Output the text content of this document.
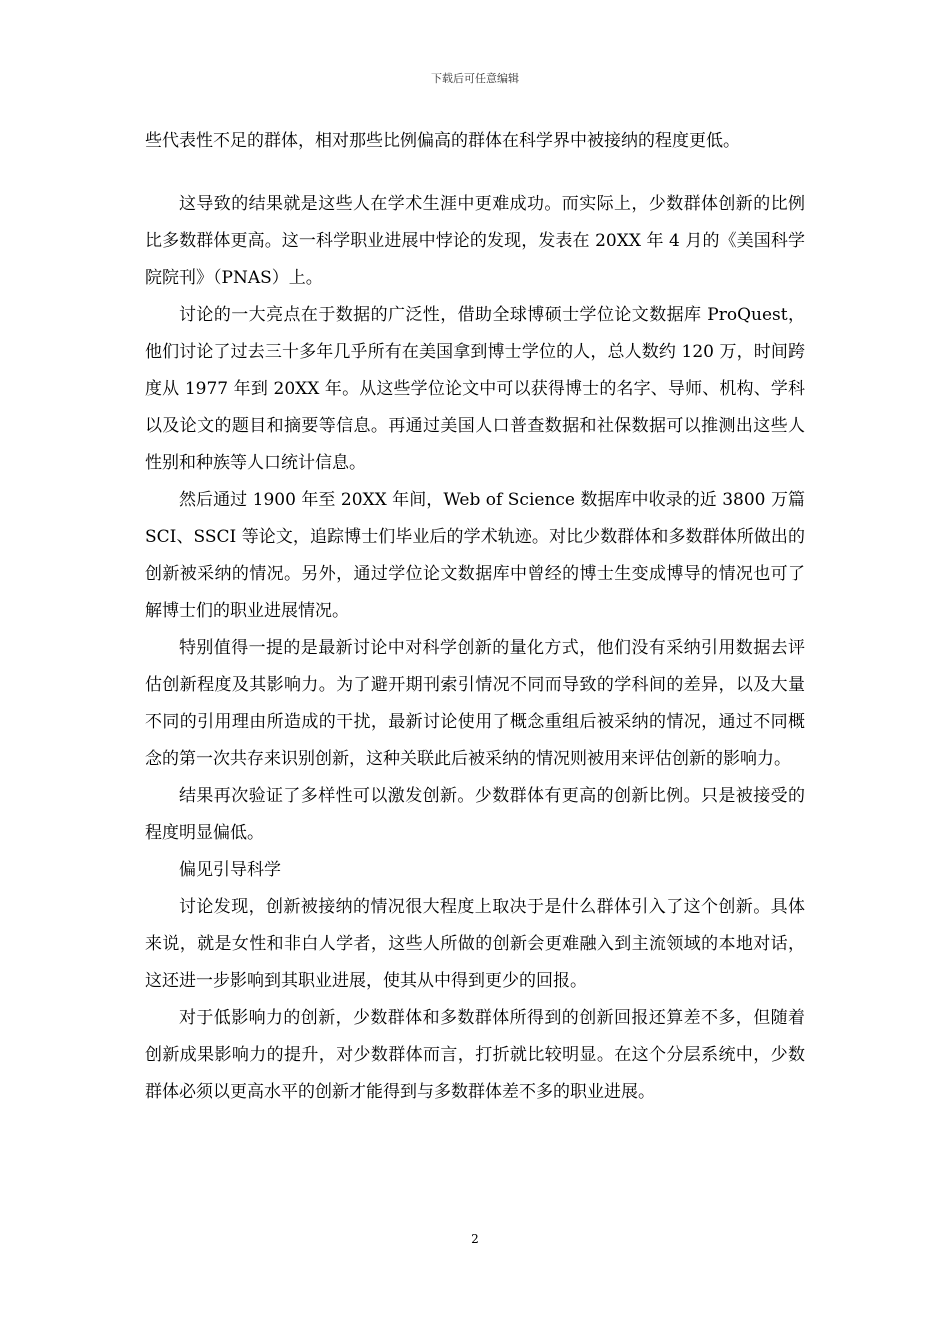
下载后可任意编辑

些代表性不足的群体，相对那些比例偏高的群体在科学界中被接纳的程度更低。

这导致的结果就是这些人在学术生涯中更难成功。而实际上，少数群体创新的比例比多数群体更高。这一科学职业进展中悖论的发现，发表在 20XX 年 4 月的《美国科学院院刊》（PNAS）上。

讨论的一大亮点在于数据的广泛性，借助全球博硕士学位论文数据库 ProQuest，他们讨论了过去三十多年几乎所有在美国拿到博士学位的人，总人数约 120 万，时间跨度从 1977 年到 20XX 年。从这些学位论文中可以获得博士的名字、导师、机构、学科以及论文的题目和摘要等信息。再通过美国人口普查数据和社保数据可以推测出这些人性别和种族等人口统计信息。

然后通过 1900 年至 20XX 年间，Web of Science 数据库中收录的近 3800 万篇 SCI、SSCI 等论文，追踪博士们毕业后的学术轨迹。对比少数群体和多数群体所做出的创新被采纳的情况。另外，通过学位论文数据库中曾经的博士生变成博导的情况也可了解博士们的职业进展情况。

特别值得一提的是最新讨论中对科学创新的量化方式，他们没有采纳引用数据去评估创新程度及其影响力。为了避开期刊索引情况不同而导致的学科间的差异，以及大量不同的引用理由所造成的干扰，最新讨论使用了概念重组后被采纳的情况，通过不同概念的第一次共存来识别创新，这种关联此后被采纳的情况则被用来评估创新的影响力。

结果再次验证了多样性可以激发创新。少数群体有更高的创新比例。只是被接受的程度明显偏低。

偏见引导科学

讨论发现，创新被接纳的情况很大程度上取决于是什么群体引入了这个创新。具体来说，就是女性和非白人学者，这些人所做的创新会更难融入到主流领域的本地对话，这还进一步影响到其职业进展，使其从中得到更少的回报。

对于低影响力的创新，少数群体和多数群体所得到的创新回报还算差不多，但随着创新成果影响力的提升，对少数群体而言，打折就比较明显。在这个分层系统中，少数群体必须以更高水平的创新才能得到与多数群体差不多的职业进展。

2
